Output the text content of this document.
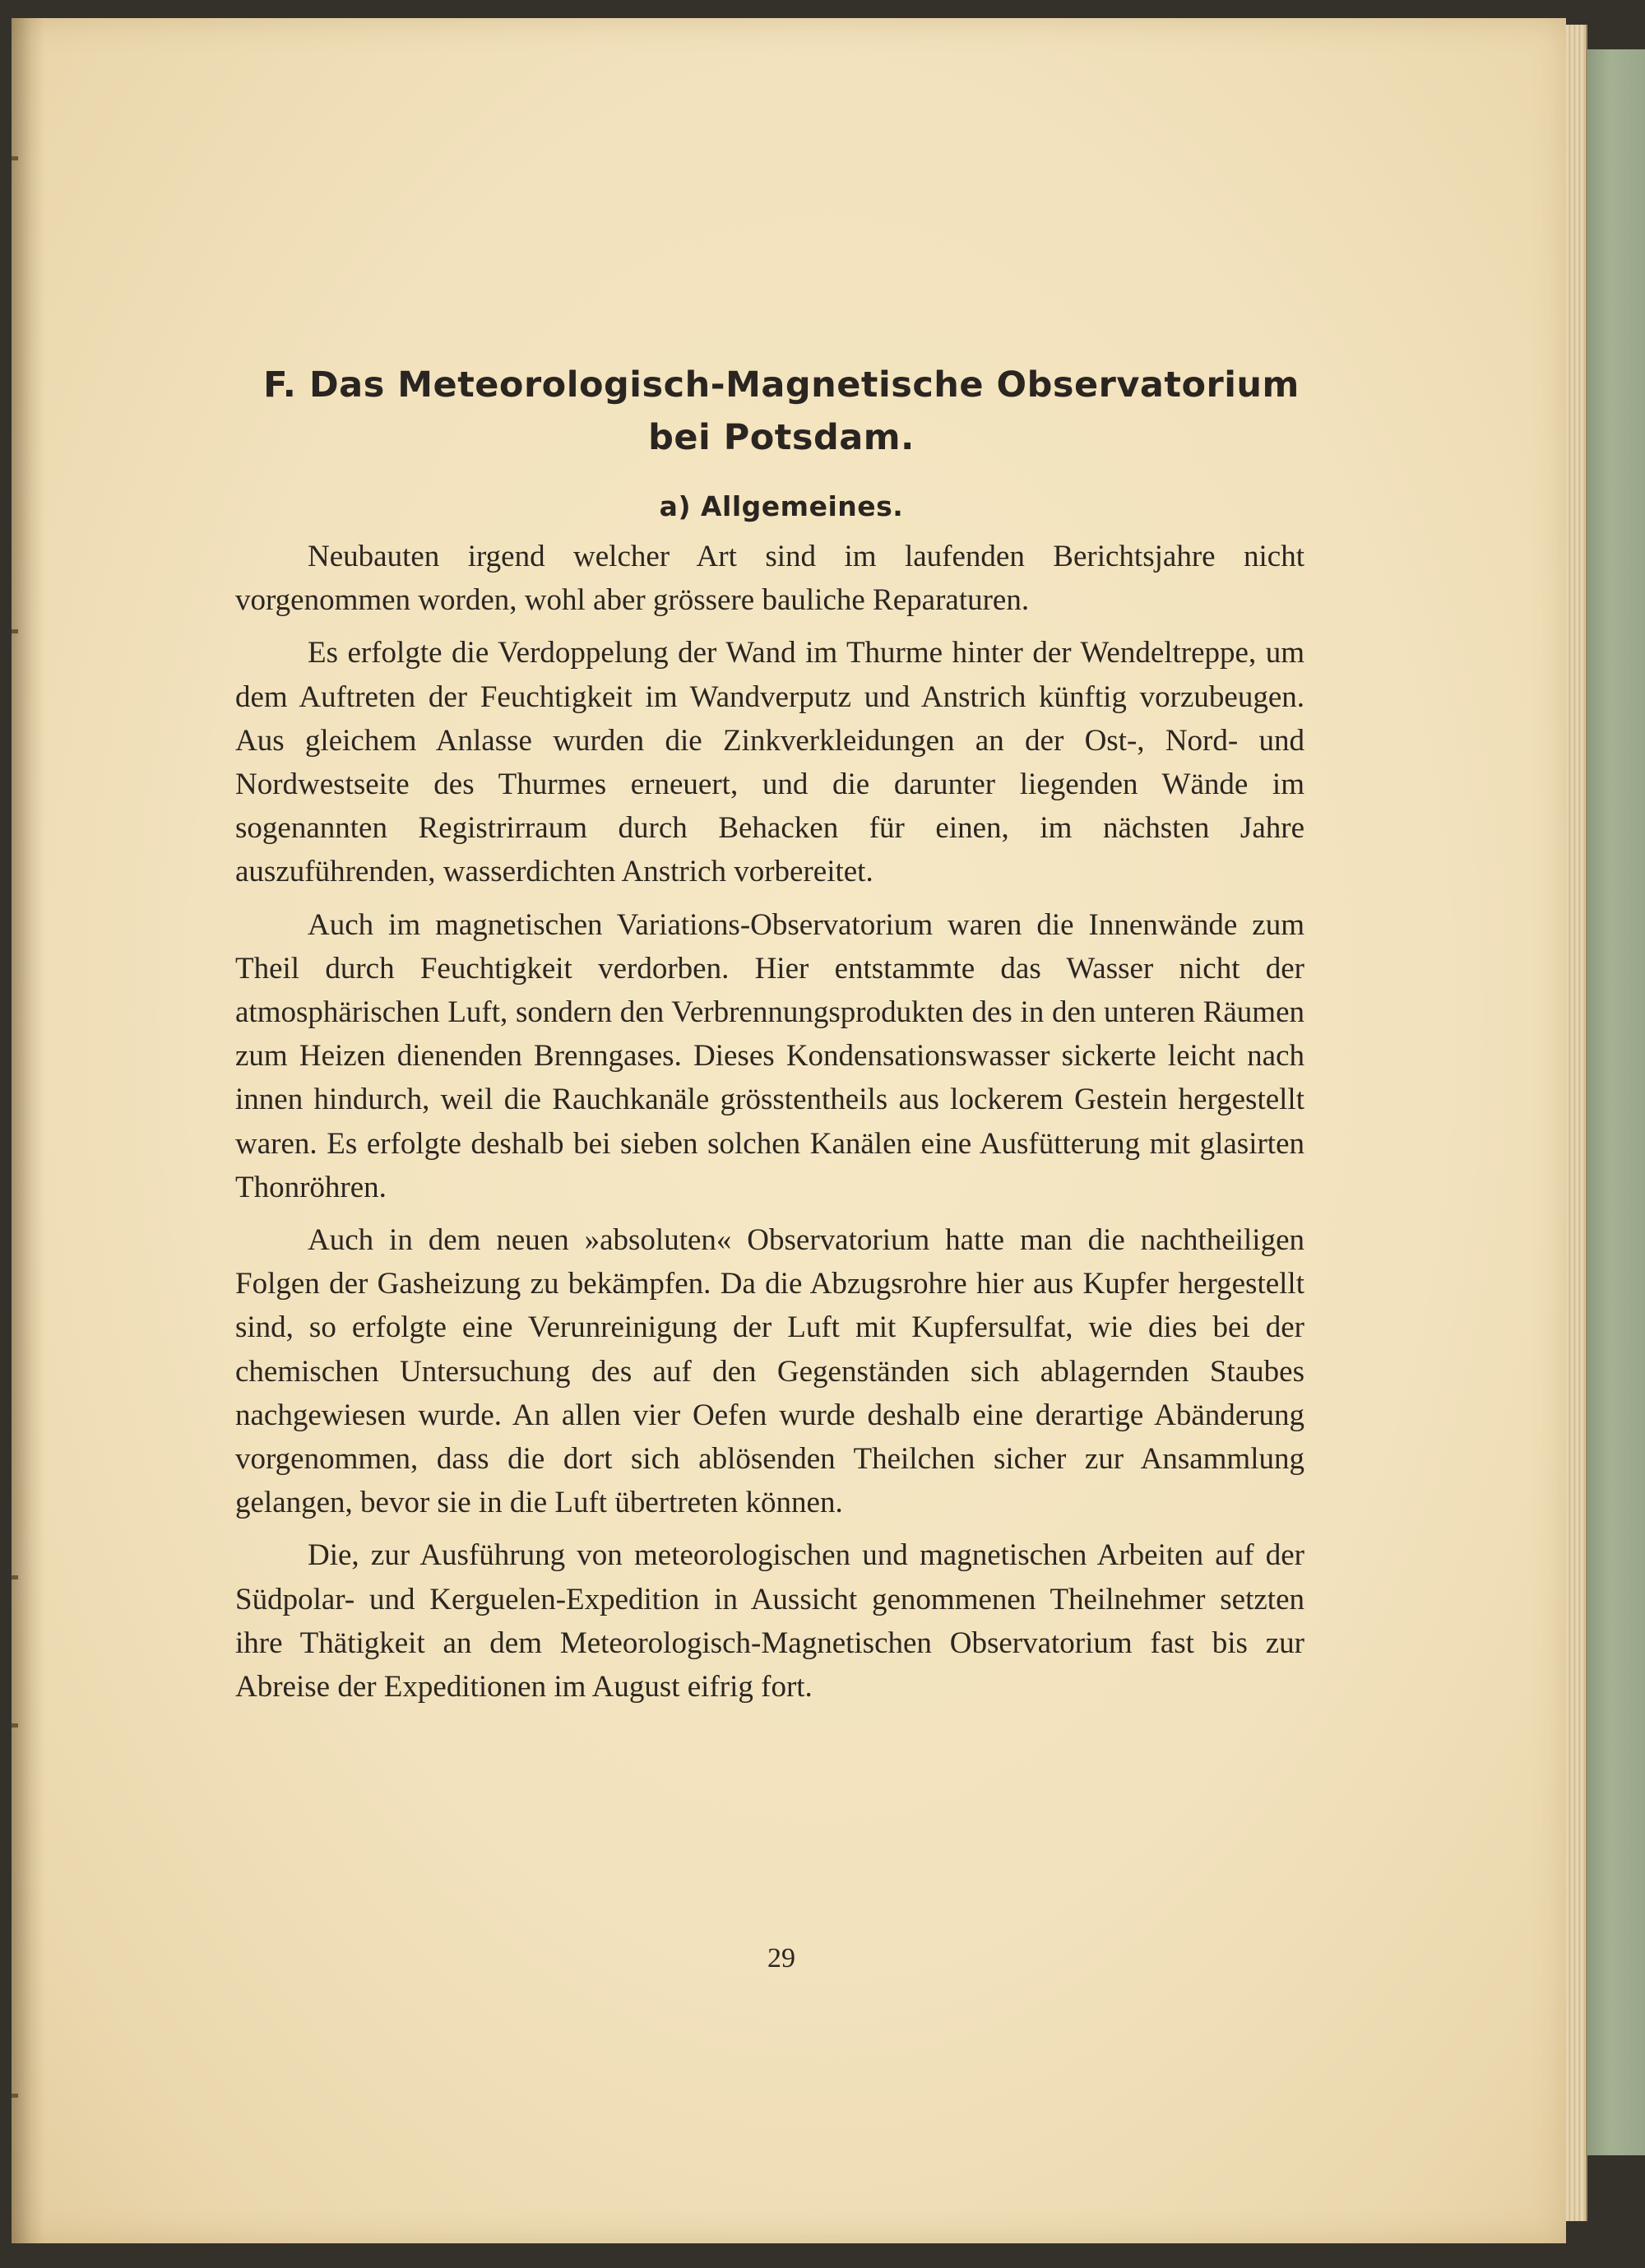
F. Das Meteorologisch-Magnetische Observatorium
bei Potsdam.
a) Allgemeines.

Neubauten irgend welcher Art sind im laufenden Berichtsjahre nicht vorgenommen worden, wohl aber grössere bauliche Reparaturen.

Es erfolgte die Verdoppelung der Wand im Thurme hinter der Wendeltreppe, um dem Auftreten der Feuchtigkeit im Wandverputz und Anstrich künftig vorzubeugen. Aus gleichem Anlasse wurden die Zinkverkleidungen an der Ost-, Nord- und Nordwestseite des Thurmes erneuert, und die darunter liegenden Wände im sogenannten Registrirraum durch Behacken für einen, im nächsten Jahre auszuführenden, wasserdichten Anstrich vorbereitet.

Auch im magnetischen Variations-Observatorium waren die Innenwände zum Theil durch Feuchtigkeit verdorben. Hier entstammte das Wasser nicht der atmosphärischen Luft, sondern den Verbrennungsprodukten des in den unteren Räumen zum Heizen dienenden Brenngases. Dieses Kondensationswasser sickerte leicht nach innen hindurch, weil die Rauchkanäle grösstentheils aus lockerem Gestein hergestellt waren. Es erfolgte deshalb bei sieben solchen Kanälen eine Ausfütterung mit glasirten Thonröhren.

Auch in dem neuen »absoluten« Observatorium hatte man die nachtheiligen Folgen der Gasheizung zu bekämpfen. Da die Abzugsrohre hier aus Kupfer hergestellt sind, so erfolgte eine Verunreinigung der Luft mit Kupfersulfat, wie dies bei der chemischen Untersuchung des auf den Gegenständen sich ablagernden Staubes nachgewiesen wurde. An allen vier Oefen wurde deshalb eine derartige Abänderung vorgenommen, dass die dort sich ablösenden Theilchen sicher zur Ansammlung gelangen, bevor sie in die Luft übertreten können.

Die, zur Ausführung von meteorologischen und magnetischen Arbeiten auf der Südpolar- und Kerguelen-Expedition in Aussicht genommenen Theilnehmer setzten ihre Thätigkeit an dem Meteorologisch-Magnetischen Observatorium fast bis zur Abreise der Expeditionen im August eifrig fort.

29
